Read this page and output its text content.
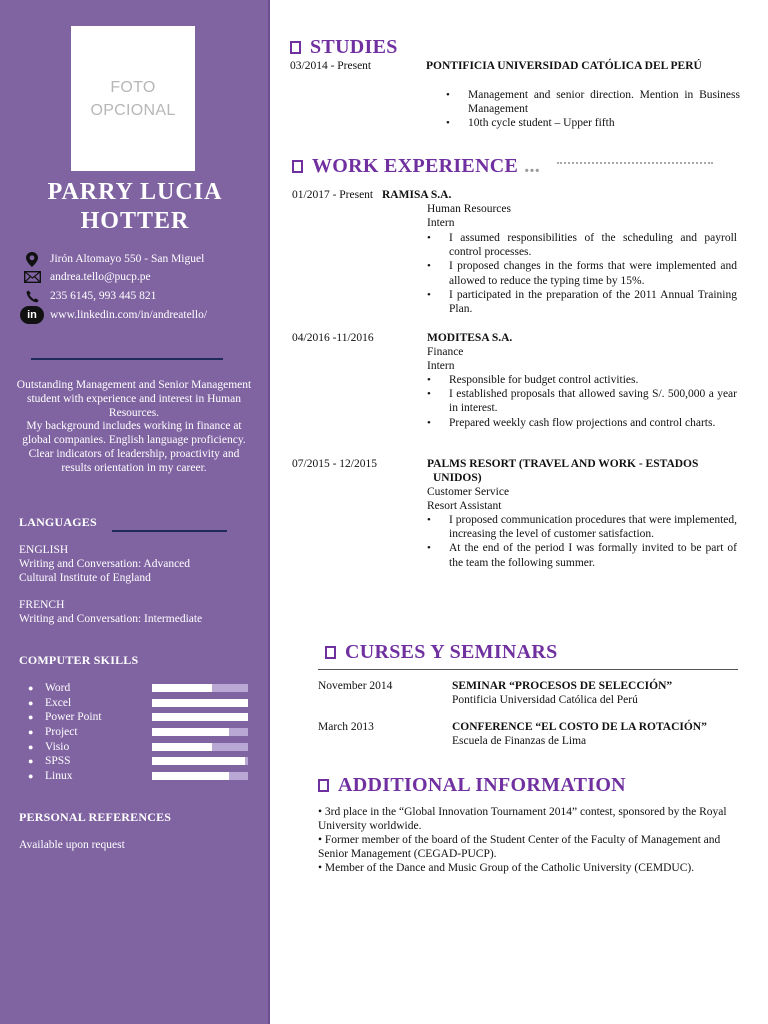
FOTO
OPCIONAL
PARRY LUCIA
HOTTER
Jirón Altomayo 550 - San Miguel
andrea.tello@pucp.pe
235 6145, 993 445 821
in	www.linkedin.com/in/andreatello/
Outstanding Management and Senior Management student with experience and interest in Human Resources.
My background includes working in finance at global companies. English language proficiency. Clear indicators of leadership, proactivity and results orientation in my career.
LANGUAGES
ENGLISH
Writing and Conversation: Advanced
Cultural Institute of England
FRENCH
Writing and Conversation: Intermediate
COMPUTER SKILLS
●	Word
●	Excel
●	Power Point
●	Project
●	Visio
●	SPSS
●	Linux
PERSONAL REFERENCES
Available upon request
STUDIES
03/2014 - Present	PONTIFICIA UNIVERSIDAD CATÓLICA DEL PERÚ
• Management and senior direction. Mention in Business Management
• 10th cycle student – Upper fifth
WORK EXPERIENCE ...
01/2017 - Present RAMISA S.A.
Human Resources
Intern
• I assumed responsibilities of the scheduling and payroll control processes.
• I proposed changes in the forms that were implemented and allowed to reduce the typing time by 15%.
• I participated in the preparation of the 2011 Annual Training Plan.
04/2016 -11/2016	MODITESA S.A.
Finance
Intern
• Responsible for budget control activities.
• I established proposals that allowed saving S/. 500,000 a year in interest.
• Prepared weekly cash flow projections and control charts.
07/2015 - 12/2015	PALMS RESORT (TRAVEL AND WORK - ESTADOS UNIDOS)
Customer Service
Resort Assistant
• I proposed communication procedures that were implemented, increasing the level of customer satisfaction.
• At the end of the period I was formally invited to be part of the team the following summer.
CURSES Y SEMINARS
November 2014	SEMINAR “PROCESOS DE SELECCIÓN”
Pontificia Universidad Católica del Perú
March 2013	CONFERENCE “EL COSTO DE LA ROTACIÓN”
Escuela de Finanzas de Lima
ADDITIONAL INFORMATION
• 3rd place in the “Global Innovation Tournament 2014” contest, sponsored by the Royal University worldwide.
• Former member of the board of the Student Center of the Faculty of Management and Senior Management (CEGAD-PUCP).
• Member of the Dance and Music Group of the Catholic University (CEMDUC).
